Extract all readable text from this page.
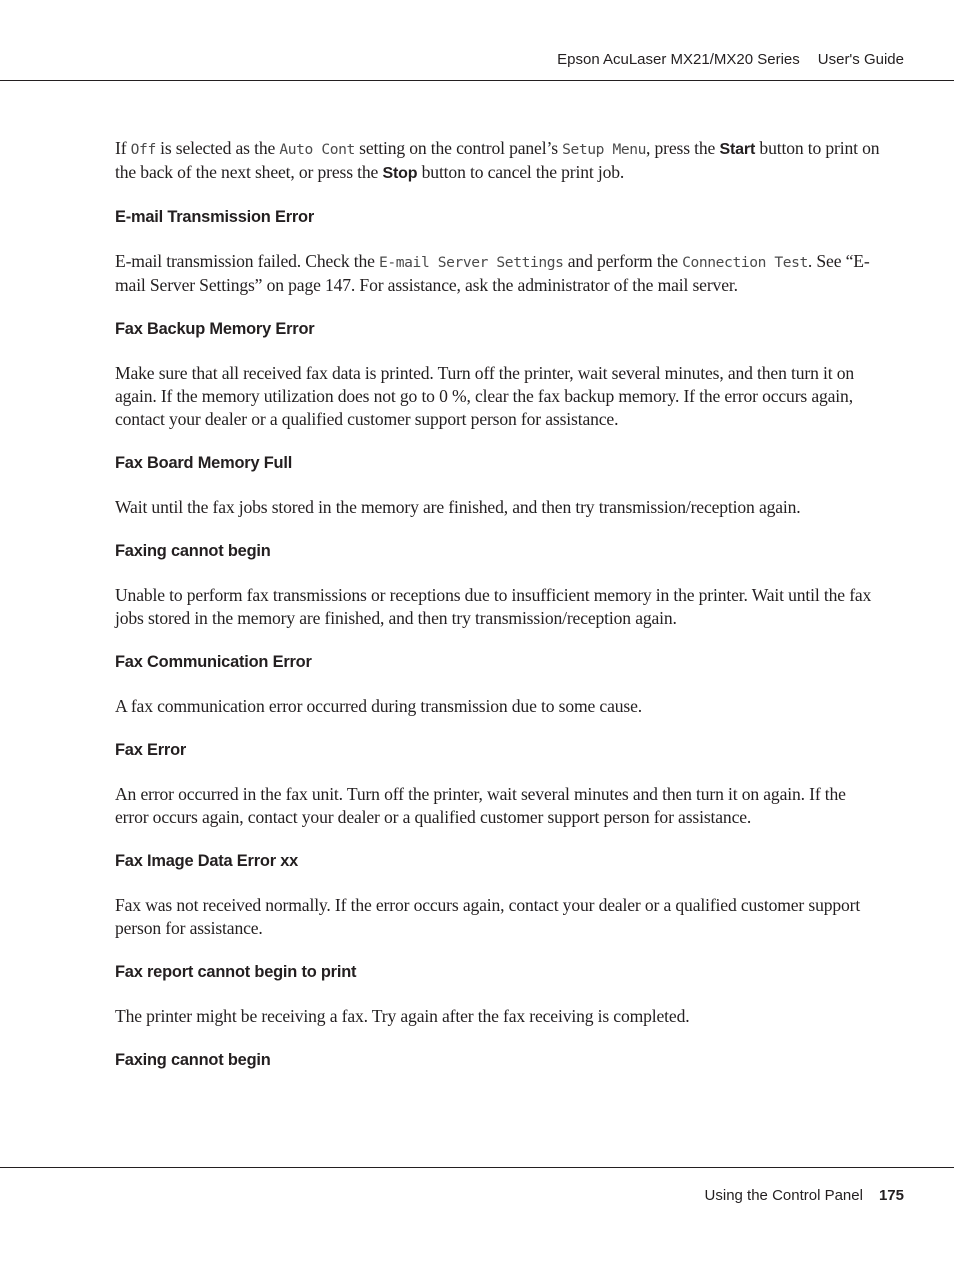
Epson AcuLaser MX21/MX20 Series User's Guide

If Off is selected as the Auto Cont setting on the control panel’s Setup Menu, press the Start button to print on the back of the next sheet, or press the Stop button to cancel the print job.

E-mail Transmission Error

E-mail transmission failed. Check the E-mail Server Settings and perform the Connection Test. See “E-mail Server Settings” on page 147. For assistance, ask the administrator of the mail server.

Fax Backup Memory Error

Make sure that all received fax data is printed. Turn off the printer, wait several minutes, and then turn it on again. If the memory utilization does not go to 0 %, clear the fax backup memory. If the error occurs again, contact your dealer or a qualified customer support person for assistance.

Fax Board Memory Full

Wait until the fax jobs stored in the memory are finished, and then try transmission/reception again.

Faxing cannot begin

Unable to perform fax transmissions or receptions due to insufficient memory in the printer. Wait until the fax jobs stored in the memory are finished, and then try transmission/reception again.

Fax Communication Error

A fax communication error occurred during transmission due to some cause.

Fax Error

An error occurred in the fax unit. Turn off the printer, wait several minutes and then turn it on again. If the error occurs again, contact your dealer or a qualified customer support person for assistance.

Fax Image Data Error xx

Fax was not received normally. If the error occurs again, contact your dealer or a qualified customer support person for assistance.

Fax report cannot begin to print

The printer might be receiving a fax. Try again after the fax receiving is completed.

Faxing cannot begin
Using the Control Panel 175
